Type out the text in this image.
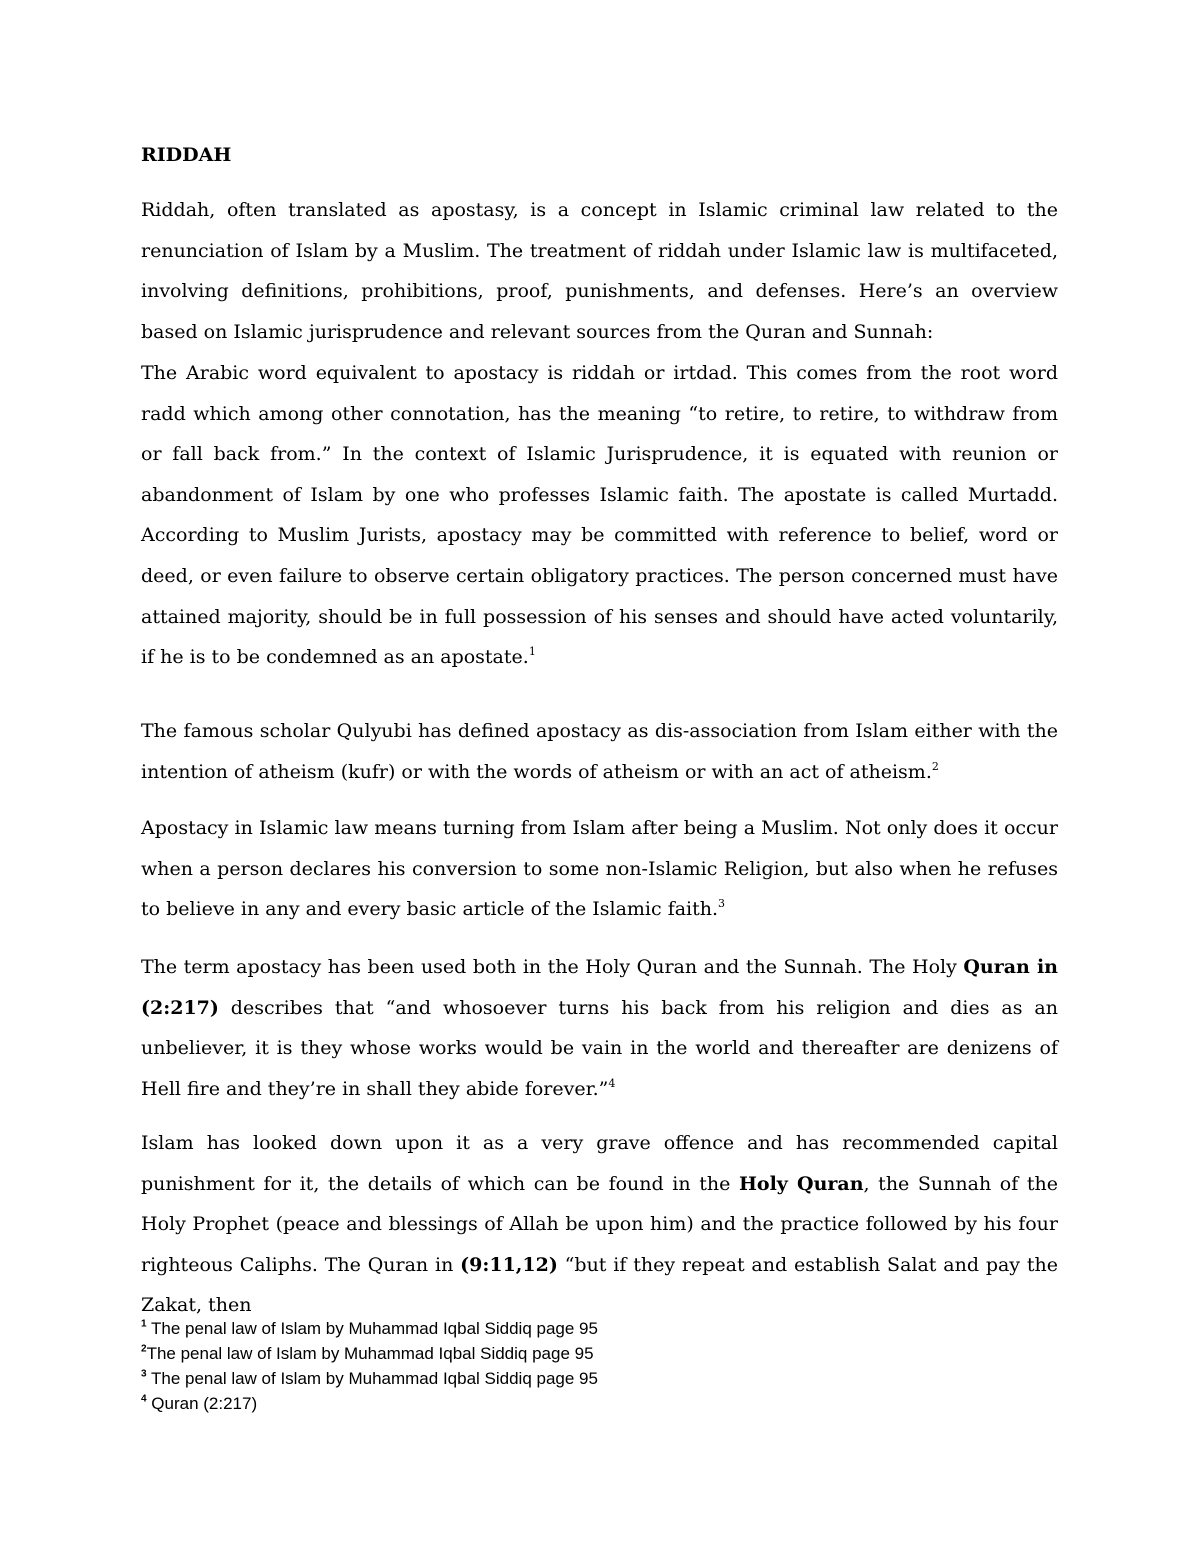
RIDDAH

Riddah, often translated as apostasy, is a concept in Islamic criminal law related to the renunciation of Islam by a Muslim. The treatment of riddah under Islamic law is multifaceted, involving definitions, prohibitions, proof, punishments, and defenses. Here’s an overview based on Islamic jurisprudence and relevant sources from the Quran and Sunnah:

The Arabic word equivalent to apostacy is riddah or irtdad. This comes from the root word radd which among other connotation, has the meaning “to retire, to retire, to withdraw from or fall back from.” In the context of Islamic Jurisprudence, it is equated with reunion or abandonment of Islam by one who professes Islamic faith. The apostate is called Murtadd. According to Muslim Jurists, apostacy may be committed with reference to belief, word or deed, or even failure to observe certain obligatory practices. The person concerned must have attained majority, should be in full possession of his senses and should have acted voluntarily, if he is to be condemned as an apostate.$^1$

The famous scholar Qulyubi has defined apostacy as dis-association from Islam either with the intention of atheism (kufr) or with the words of atheism or with an act of atheism.$^2$

Apostacy in Islamic law means turning from Islam after being a Muslim. Not only does it occur when a person declares his conversion to some non-Islamic Religion, but also when he refuses to believe in any and every basic article of the Islamic faith.$^3$

The term apostacy has been used both in the Holy Quran and the Sunnah. The Holy Quran in (2:217) describes that “and whosoever turns his back from his religion and dies as an unbeliever, it is they whose works would be vain in the world and thereafter are denizens of Hell fire and they’re in shall they abide forever.”$^4$

Islam has looked down upon it as a very grave offence and has recommended capital punishment for it, the details of which can be found in the Holy Quran, the Sunnah of the Holy Prophet (peace and blessings of Allah be upon him) and the practice followed by his four righteous Caliphs. The Quran in (9:11,12) “but if they repeat and establish Salat and pay the Zakat, then

$^1$ The penal law of Islam by Muhammad Iqbal Siddiq page 95
$^2$The penal law of Islam by Muhammad Iqbal Siddiq page 95
$^3$ The penal law of Islam by Muhammad Iqbal Siddiq page 95
$^4$ Quran (2:217)
